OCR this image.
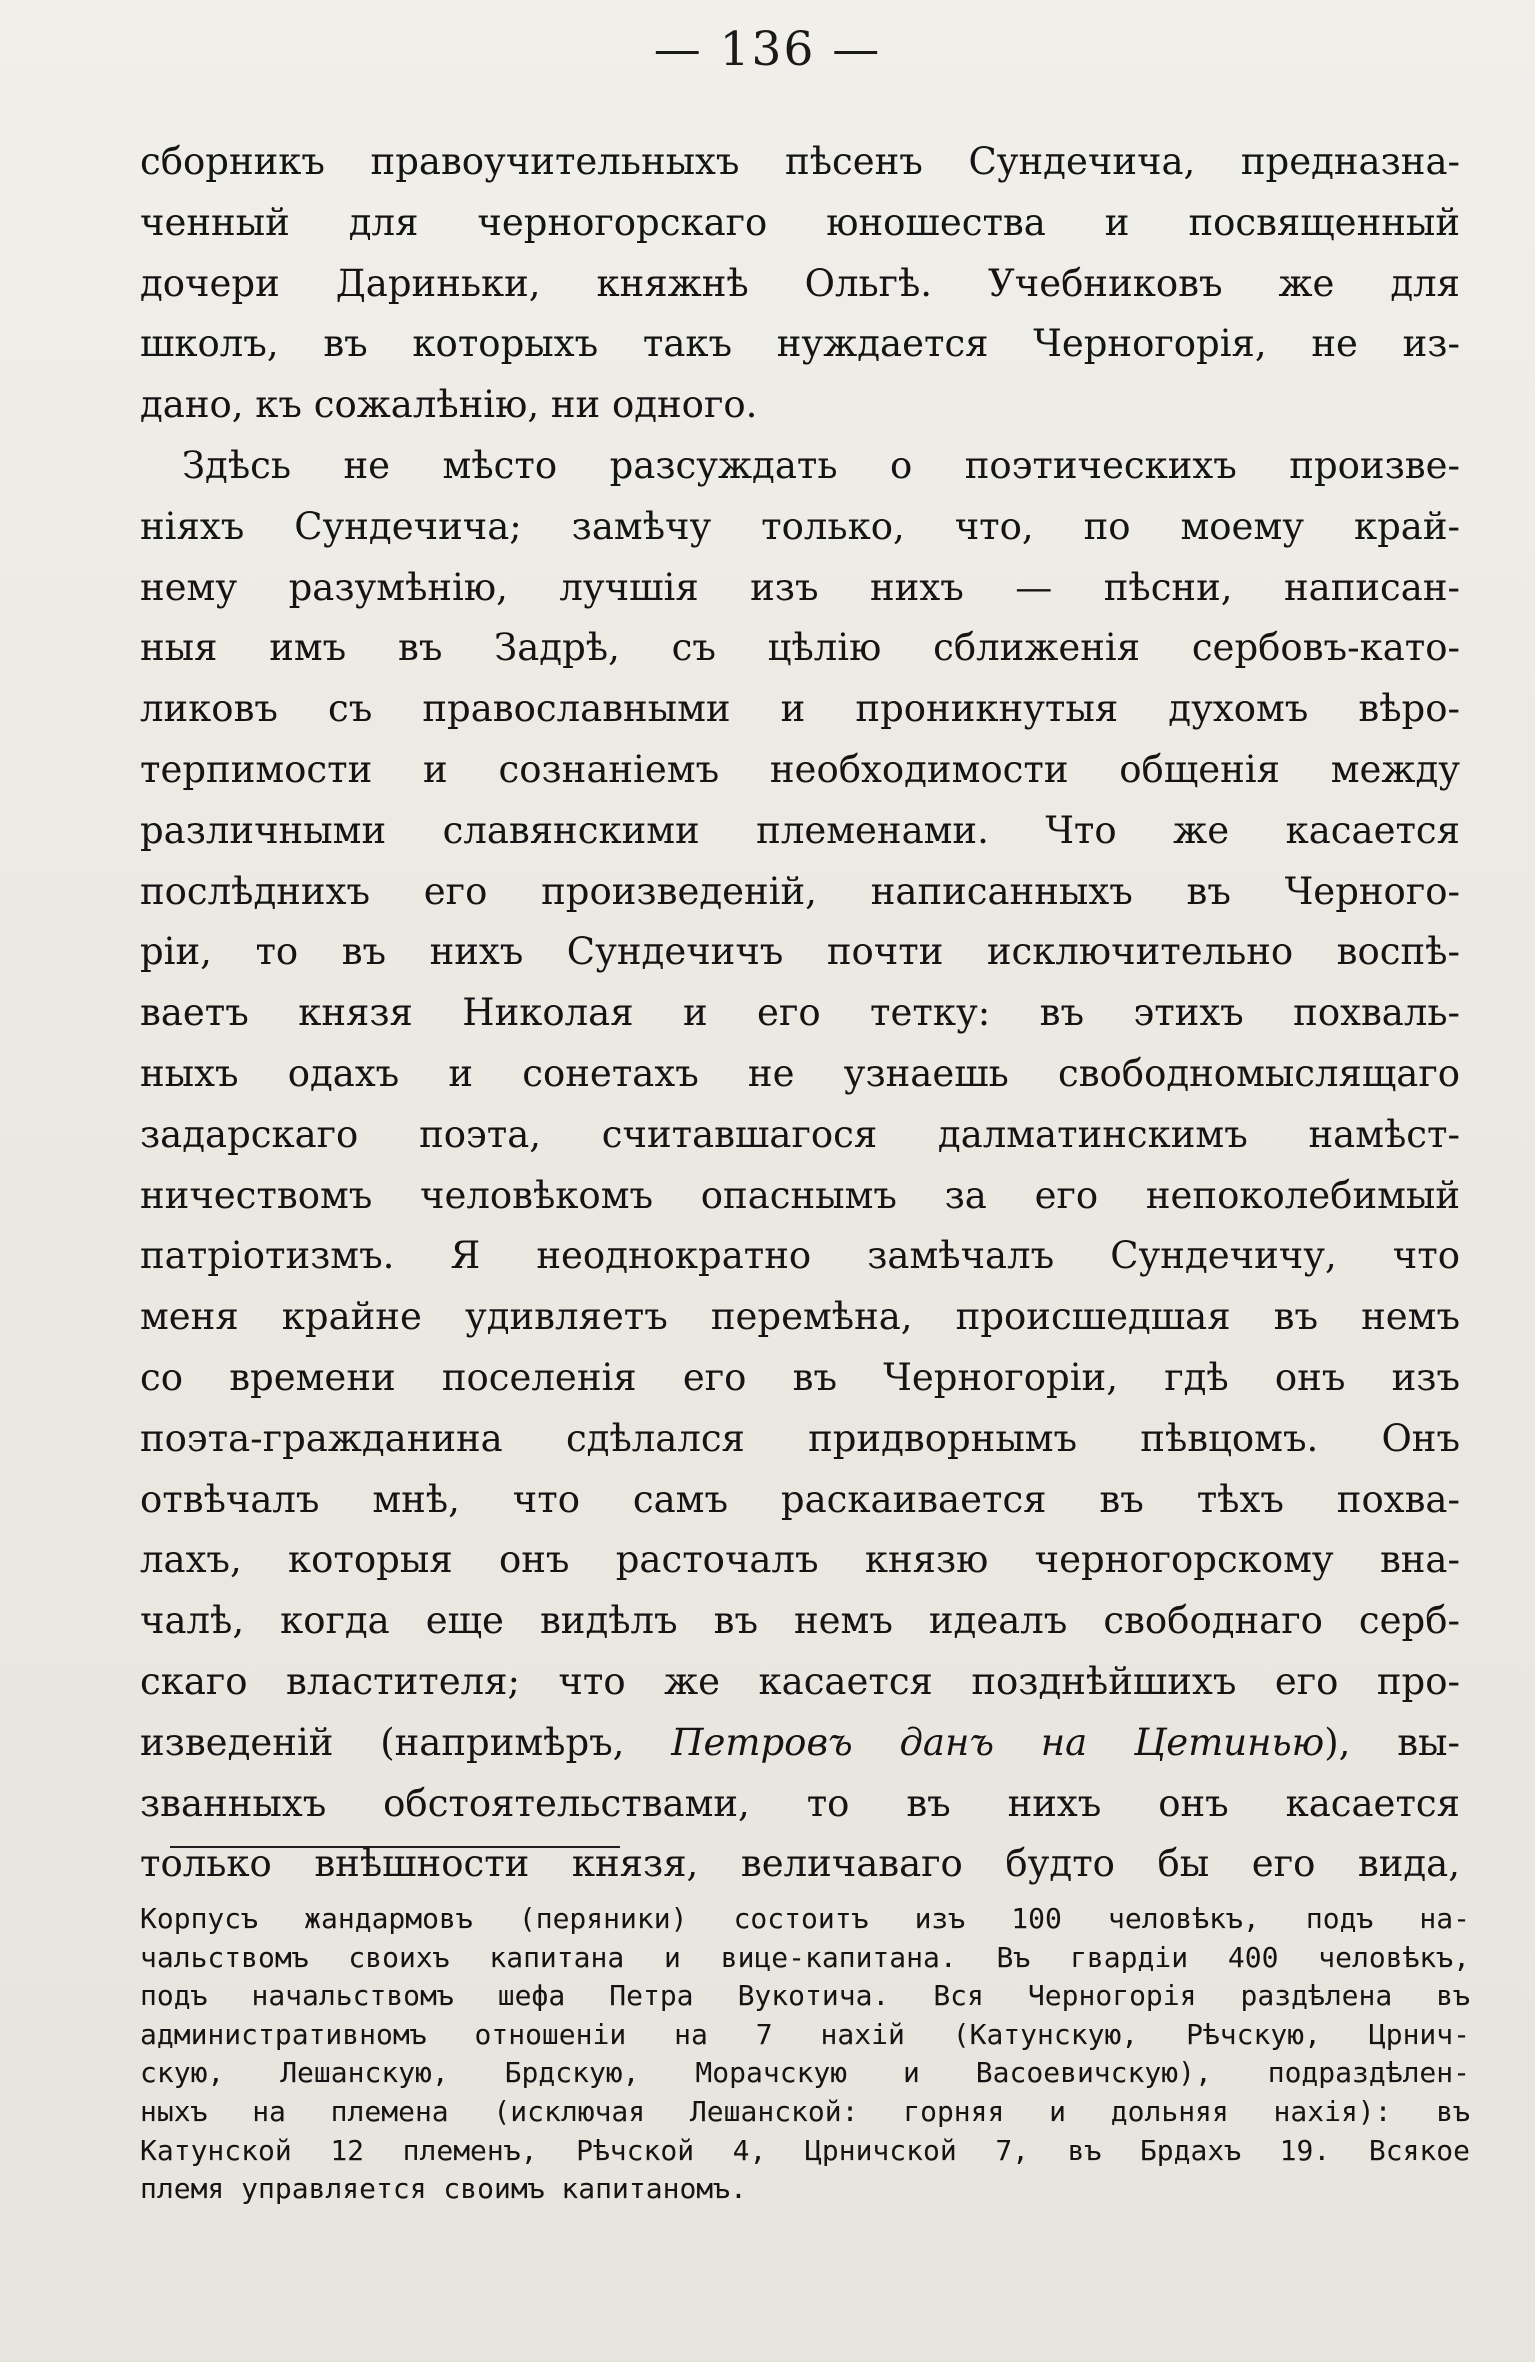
— 136 —
сборникъ правоучительныхъ пѣсенъ Сундечича, предназна-
ченный для черногорскаго юношества и посвященный
дочери Дариньки, княжнѣ Ольгѣ. Учебниковъ же для
школъ, въ которыхъ такъ нуждается Черногорія, не из-
дано, къ сожалѣнію, ни одного.
Здѣсь не мѣсто разсуждать о поэтическихъ произве-
ніяхъ Сундечича; замѣчу только, что, по моему край-
нему разумѣнію, лучшія изъ нихъ — пѣсни, написан-
ныя имъ въ Задрѣ, съ цѣлію сближенія сербовъ-като-
ликовъ съ православными и проникнутыя духомъ вѣро-
терпимости и сознаніемъ необходимости общенія между
различными славянскими племенами. Что же касается
послѣднихъ его произведеній, написанныхъ въ Черного-
ріи, то въ нихъ Сундечичъ почти исключительно воспѣ-
ваетъ князя Николая и его тетку: въ этихъ похваль-
ныхъ одахъ и сонетахъ не узнаешь свободномыслящаго
задарскаго поэта, считавшагося далматинскимъ намѣст-
ничествомъ человѣкомъ опаснымъ за его непоколебимый
патріотизмъ. Я неоднократно замѣчалъ Сундечичу, что
меня крайне удивляетъ перемѣна, происшедшая въ немъ
со времени поселенія его въ Черногоріи, гдѣ онъ изъ
поэта-гражданина сдѣлался придворнымъ пѣвцомъ. Онъ
отвѣчалъ мнѣ, что самъ раскаивается въ тѣхъ похва-
лахъ, которыя онъ расточалъ князю черногорскому вна-
чалѣ, когда еще видѣлъ въ немъ идеалъ свободнаго серб-
скаго властителя; что же касается позднѣйшихъ его про-
изведеній (напримѣръ, Петровъ данъ на Цетинью), вы-
званныхъ обстоятельствами, то въ нихъ онъ касается
только внѣшности князя, величаваго будто бы его вида,
Корпусъ жандармовъ (перяники) состоитъ изъ 100 человѣкъ, подъ на-
чальствомъ своихъ капитана и вице-капитана. Въ гвардіи 400 человѣкъ,
подъ начальствомъ шефа Петра Вукотича. Вся Черногорія раздѣлена въ
административномъ отношеніи на 7 нахій (Катунскую, Рѣчскую, Црнич-
скую, Лешанскую, Брдскую, Морачскую и Васоевичскую), подраздѣлен-
ныхъ на племена (исключая Лешанской: горняя и дольняя нахія): въ
Катунской 12 племенъ, Рѣчской 4, Црничской 7, въ Брдахъ 19. Всякое
племя управляется своимъ капитаномъ.
